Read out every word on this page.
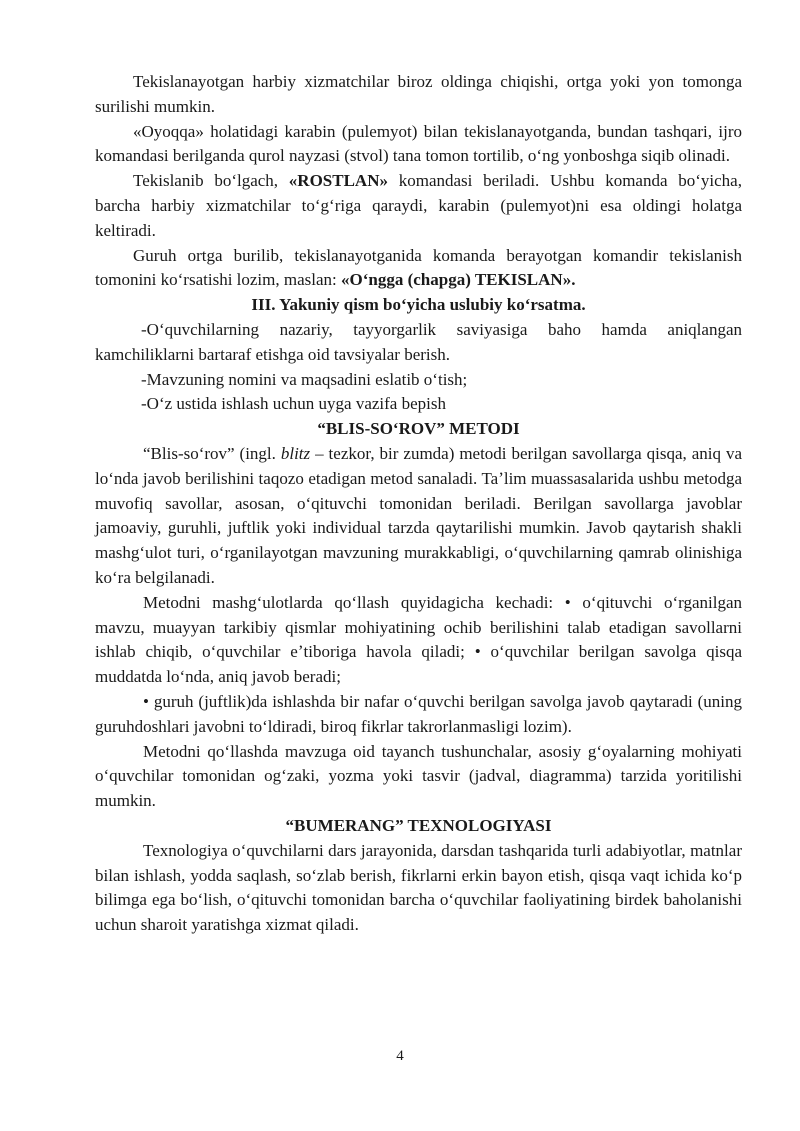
Tekislanayotgan harbiy xizmatchilar biroz oldinga chiqishi, ortga yoki yon tomonga surilishi mumkin.

«Oyoqqa» holatidagi karabin (pulemyot) bilan tekislanayotganda, bundan tashqari, ijro komandasi berilganda qurol nayzasi (stvol) tana tomon tortilib, oʻng yonboshga siqib olinadi.

Tekislanib boʻlgach, «ROSTLAN» komandasi beriladi. Ushbu komanda boʻyicha, barcha harbiy xizmatchilar toʻgʻriga qaraydi, karabin (pulemyot)ni esa oldingi holatga keltiradi.

Guruh ortga burilib, tekislanayotganida komanda berayotgan komandir tekislanish tomonini koʻrsatishi lozim, maslan: «Oʻngga (chapga) TEKISLAN».

III. Yakuniy qism boʻyicha uslubiy koʻrsatma.

-Oʻquvchilarning nazariy, tayyorgarlik saviyasiga baho hamda aniqlangan kamchiliklarni bartaraf etishga oid tavsiyalar berish.

-Mavzuning nomini va maqsadini eslatib oʻtish;

-Oʻz ustida ishlash uchun uyga vazifa bepish

“BLIS-SOʻROV” METODI

“Blis-soʻrov” (ingl. blitz – tezkor, bir zumda) metodi berilgan savollarga qisqa, aniq va loʻnda javob berilishini taqozo etadigan metod sanaladi. Taʼlim muassasalarida ushbu metodga muvofiq savollar, asosan, oʻqituvchi tomonidan beriladi. Berilgan savollarga javoblar jamoaviy, guruhli, juftlik yoki individual tarzda qaytarilishi mumkin. Javob qaytarish shakli mashgʻulot turi, oʻrganilayotgan mavzuning murakkabligi, oʻquvchilarning qamrab olinishiga koʻra belgilanadi.

Metodni mashgʻulotlarda qoʻllash quyidagicha kechadi: • oʻqituvchi oʻrganilgan mavzu, muayyan tarkibiy qismlar mohiyatining ochib berilishini talab etadigan savollarni ishlab chiqib, oʻquvchilar eʼtiboriga havola qiladi; • oʻquvchilar berilgan savolga qisqa muddatda loʻnda, aniq javob beradi;

• guruh (juftlik)da ishlashda bir nafar oʻquvchi berilgan savolga javob qaytaradi (uning guruhdoshlari javobni toʻldiradi, biroq fikrlar takrorlanmasligi lozim).

Metodni qoʻllashda mavzuga oid tayanch tushunchalar, asosiy gʻoyalarning mohiyati oʻquvchilar tomonidan ogʻzaki, yozma yoki tasvir (jadval, diagramma) tarzida yoritilishi mumkin.

“BUMERANG” TEXNOLOGIYASI

Texnologiya oʻquvchilarni dars jarayonida, darsdan tashqarida turli adabiyotlar, matnlar bilan ishlash, yodda saqlash, soʻzlab berish, fikrlarni erkin bayon etish, qisqa vaqt ichida koʻp bilimga ega boʻlish, oʻqituvchi tomonidan barcha oʻquvchilar faoliyatining birdek baholanishi uchun sharoit yaratishga xizmat qiladi.

4
